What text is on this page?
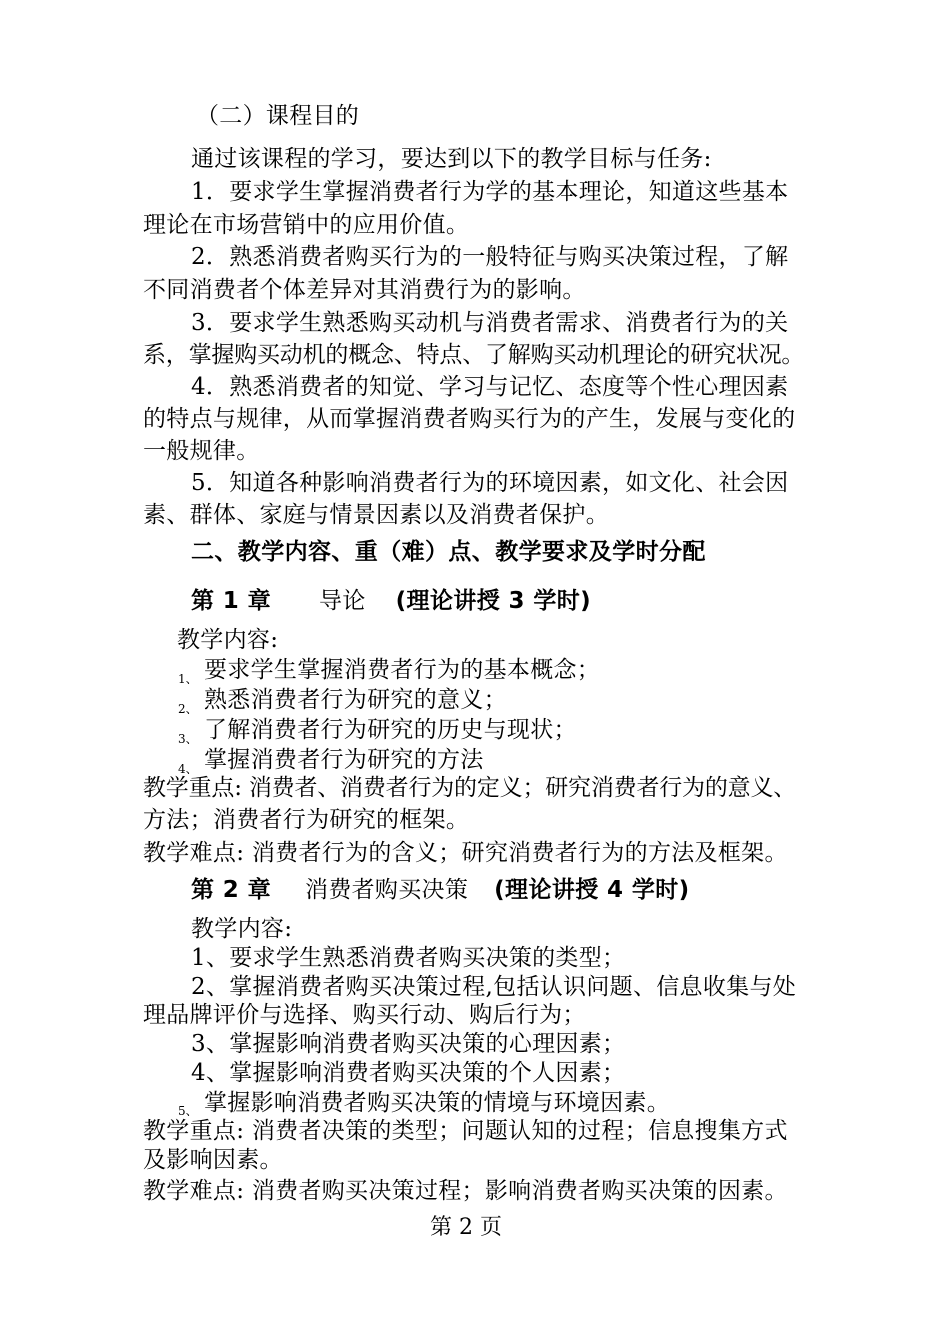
（二）课程目的
通过该课程的学习，要达到以下的教学目标与任务:
1．要求学生掌握消费者行为学的基本理论，知道这些基本
理论在市场营销中的应用价值。
2．熟悉消费者购买行为的一般特征与购买决策过程，了解
不同消费者个体差异对其消费行为的影响。
3．要求学生熟悉购买动机与消费者需求、消费者行为的关
系，掌握购买动机的概念、特点、了解购买动机理论的研究状况。
4．熟悉消费者的知觉、学习与记忆、态度等个性心理因素
的特点与规律，从而掌握消费者购买行为的产生，发展与变化的
一般规律。
5．知道各种影响消费者行为的环境因素，如文化、社会因
素、群体、家庭与情景因素以及消费者保护。
二、教学内容、重（难）点、教学要求及学时分配
第 1 章 导论 (理论讲授 3 学时)
教学内容:
1、 要求学生掌握消费者行为的基本概念；
2、 熟悉消费者行为研究的意义；
3、 了解消费者行为研究的历史与现状；
4、 掌握消费者行为研究的方法
教学重点: 消费者、消费者行为的定义；研究消费者行为的意义、
方法；消费者行为研究的框架。
教学难点: 消费者行为的含义；研究消费者行为的方法及框架。
第 2 章 消费者购买决策 (理论讲授 4 学时)
教学内容:
1、要求学生熟悉消费者购买决策的类型；
2、掌握消费者购买决策过程,包括认识问题、信息收集与处
理品牌评价与选择、购买行动、购后行为；
3、掌握影响消费者购买决策的心理因素；
4、掌握影响消费者购买决策的个人因素；
5、 掌握影响消费者购买决策的情境与环境因素。
教学重点: 消费者决策的类型；问题认知的过程；信息搜集方式
及影响因素。
教学难点: 消费者购买决策过程；影响消费者购买决策的因素。
第 2 页
